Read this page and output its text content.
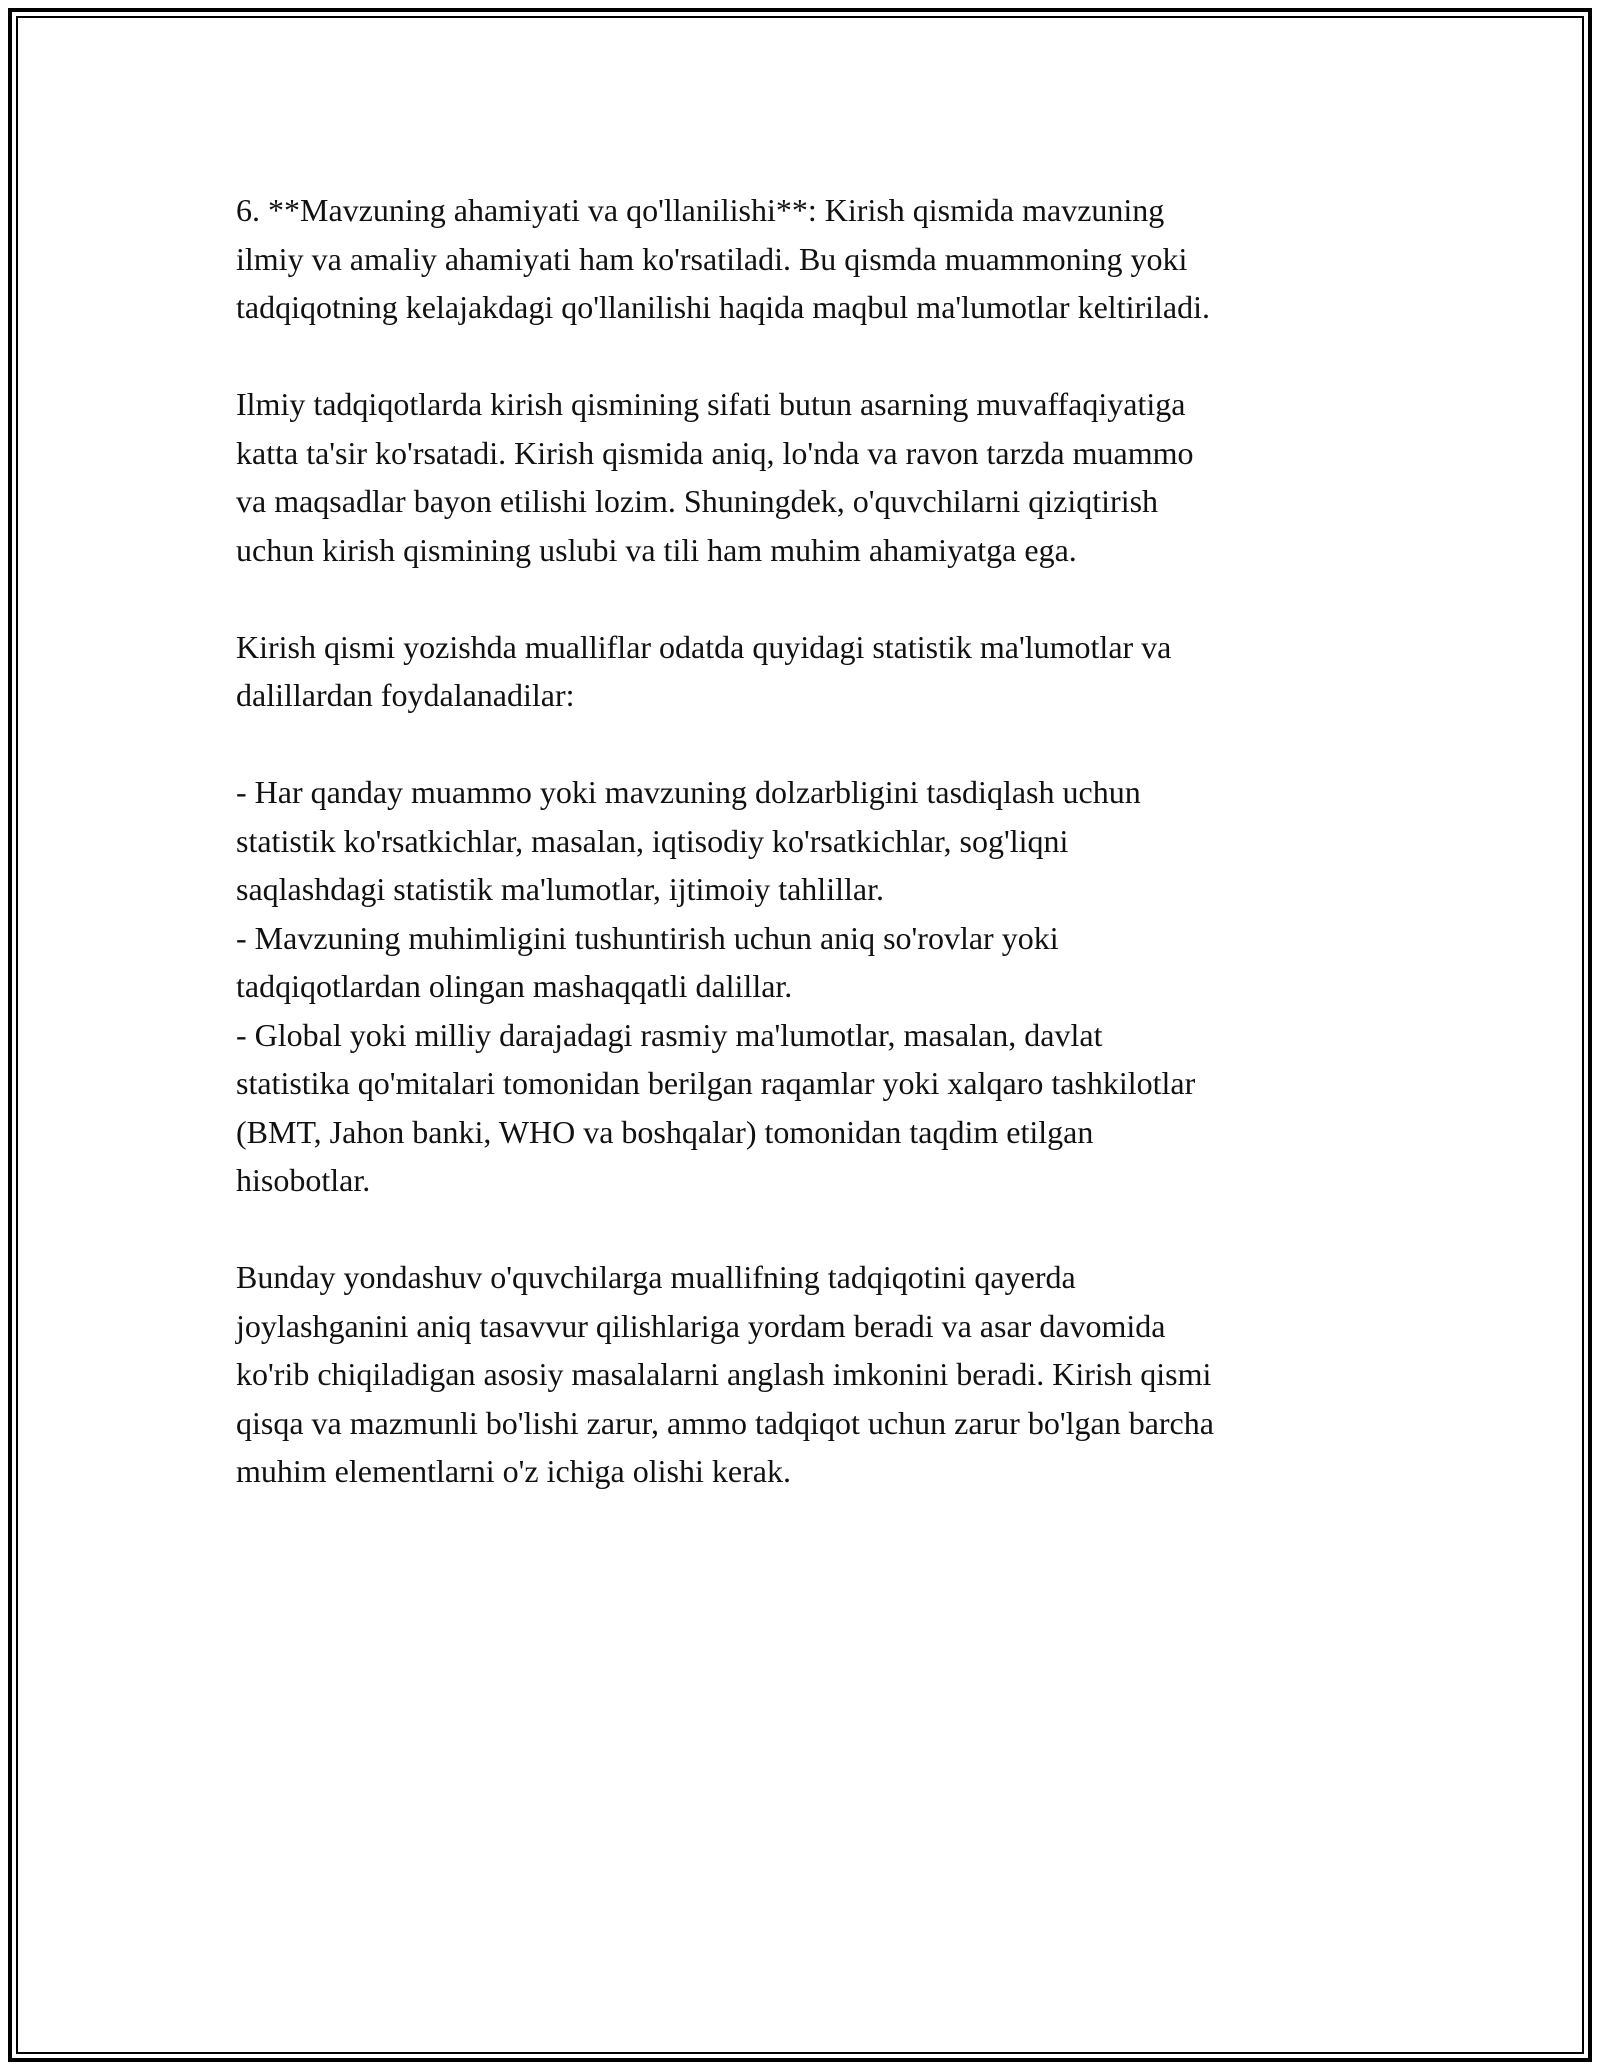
6. **Mavzuning ahamiyati va qo'llanilishi**: Kirish qismida mavzuning
ilmiy va amaliy ahamiyati ham ko'rsatiladi. Bu qismda muammoning yoki
tadqiqotning kelajakdagi qo'llanilishi haqida maqbul ma'lumotlar keltiriladi.

Ilmiy tadqiqotlarda kirish qismining sifati butun asarning muvaffaqiyatiga
katta ta'sir ko'rsatadi. Kirish qismida aniq, lo'nda va ravon tarzda muammo
va maqsadlar bayon etilishi lozim. Shuningdek, o'quvchilarni qiziqtirish
uchun kirish qismining uslubi va tili ham muhim ahamiyatga ega.

Kirish qismi yozishda mualliflar odatda quyidagi statistik ma'lumotlar va
dalillardan foydalanadilar:

- Har qanday muammo yoki mavzuning dolzarbligini tasdiqlash uchun
statistik ko'rsatkichlar, masalan, iqtisodiy ko'rsatkichlar, sog'liqni
saqlashdagi statistik ma'lumotlar, ijtimoiy tahlillar.
- Mavzuning muhimligini tushuntirish uchun aniq so'rovlar yoki
tadqiqotlardan olingan mashaqqatli dalillar.
- Global yoki milliy darajadagi rasmiy ma'lumotlar, masalan, davlat
statistika qo'mitalari tomonidan berilgan raqamlar yoki xalqaro tashkilotlar
(BMT, Jahon banki, WHO va boshqalar) tomonidan taqdim etilgan
hisobotlar.

Bunday yondashuv o'quvchilarga muallifning tadqiqotini qayerda
joylashganini aniq tasavvur qilishlariga yordam beradi va asar davomida
ko'rib chiqiladigan asosiy masalalarni anglash imkonini beradi. Kirish qismi
qisqa va mazmunli bo'lishi zarur, ammo tadqiqot uchun zarur bo'lgan barcha
muhim elementlarni o'z ichiga olishi kerak.
